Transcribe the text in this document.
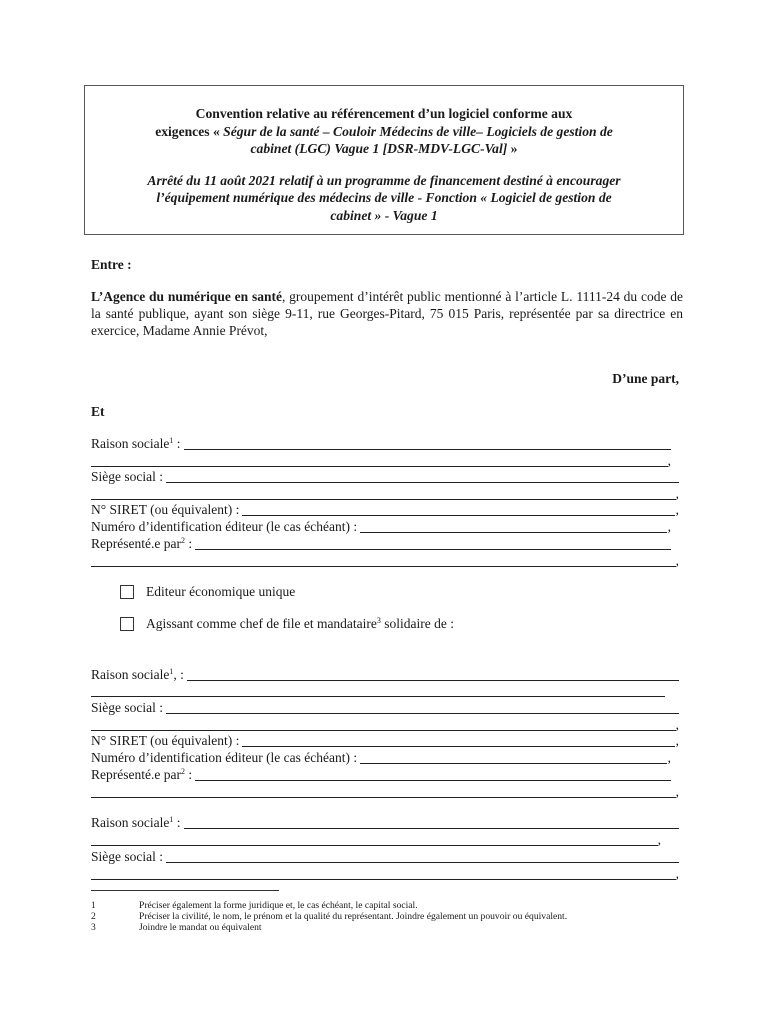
Convention relative au référencement d’un logiciel conforme aux
exigences « Ségur de la santé – Couloir Médecins de ville– Logiciels de gestion de
cabinet (LGC) Vague 1 [DSR-MDV-LGC-Val] »
Arrêté du 11 août 2021 relatif à un programme de financement destiné à encourager
l’équipement numérique des médecins de ville - Fonction « Logiciel de gestion de
cabinet » - Vague 1
Entre :
L’Agence du numérique en santé, groupement d’intérêt public mentionné à l’article L. 1111-24 du code de la santé publique, ayant son siège 9-11, rue Georges-Pitard, 75 015 Paris, représentée par sa directrice en exercice, Madame Annie Prévot,
D’une part,
Et
Raison sociale$^1$ :
,
Siège social :
,
N° SIRET (ou équivalent) :	,
Numéro d’identification éditeur (le cas échéant) :	,
Représenté.e par$^2$ :
,
Editeur économique unique
Agissant comme chef de file et mandataire$^3$ solidaire de :
Raison sociale$^1$, :
Siège social :
,
N° SIRET (ou équivalent) :	,
Numéro d’identification éditeur (le cas échéant) :	,
Représenté.e par$^2$ :
,
Raison sociale$^1$ :
,
Siège social :
,
1	Préciser également la forme juridique et, le cas échéant, le capital social.
2	Préciser la civilité, le nom, le prénom et la qualité du représentant. Joindre également un pouvoir ou équivalent.
3	Joindre le mandat ou équivalent
